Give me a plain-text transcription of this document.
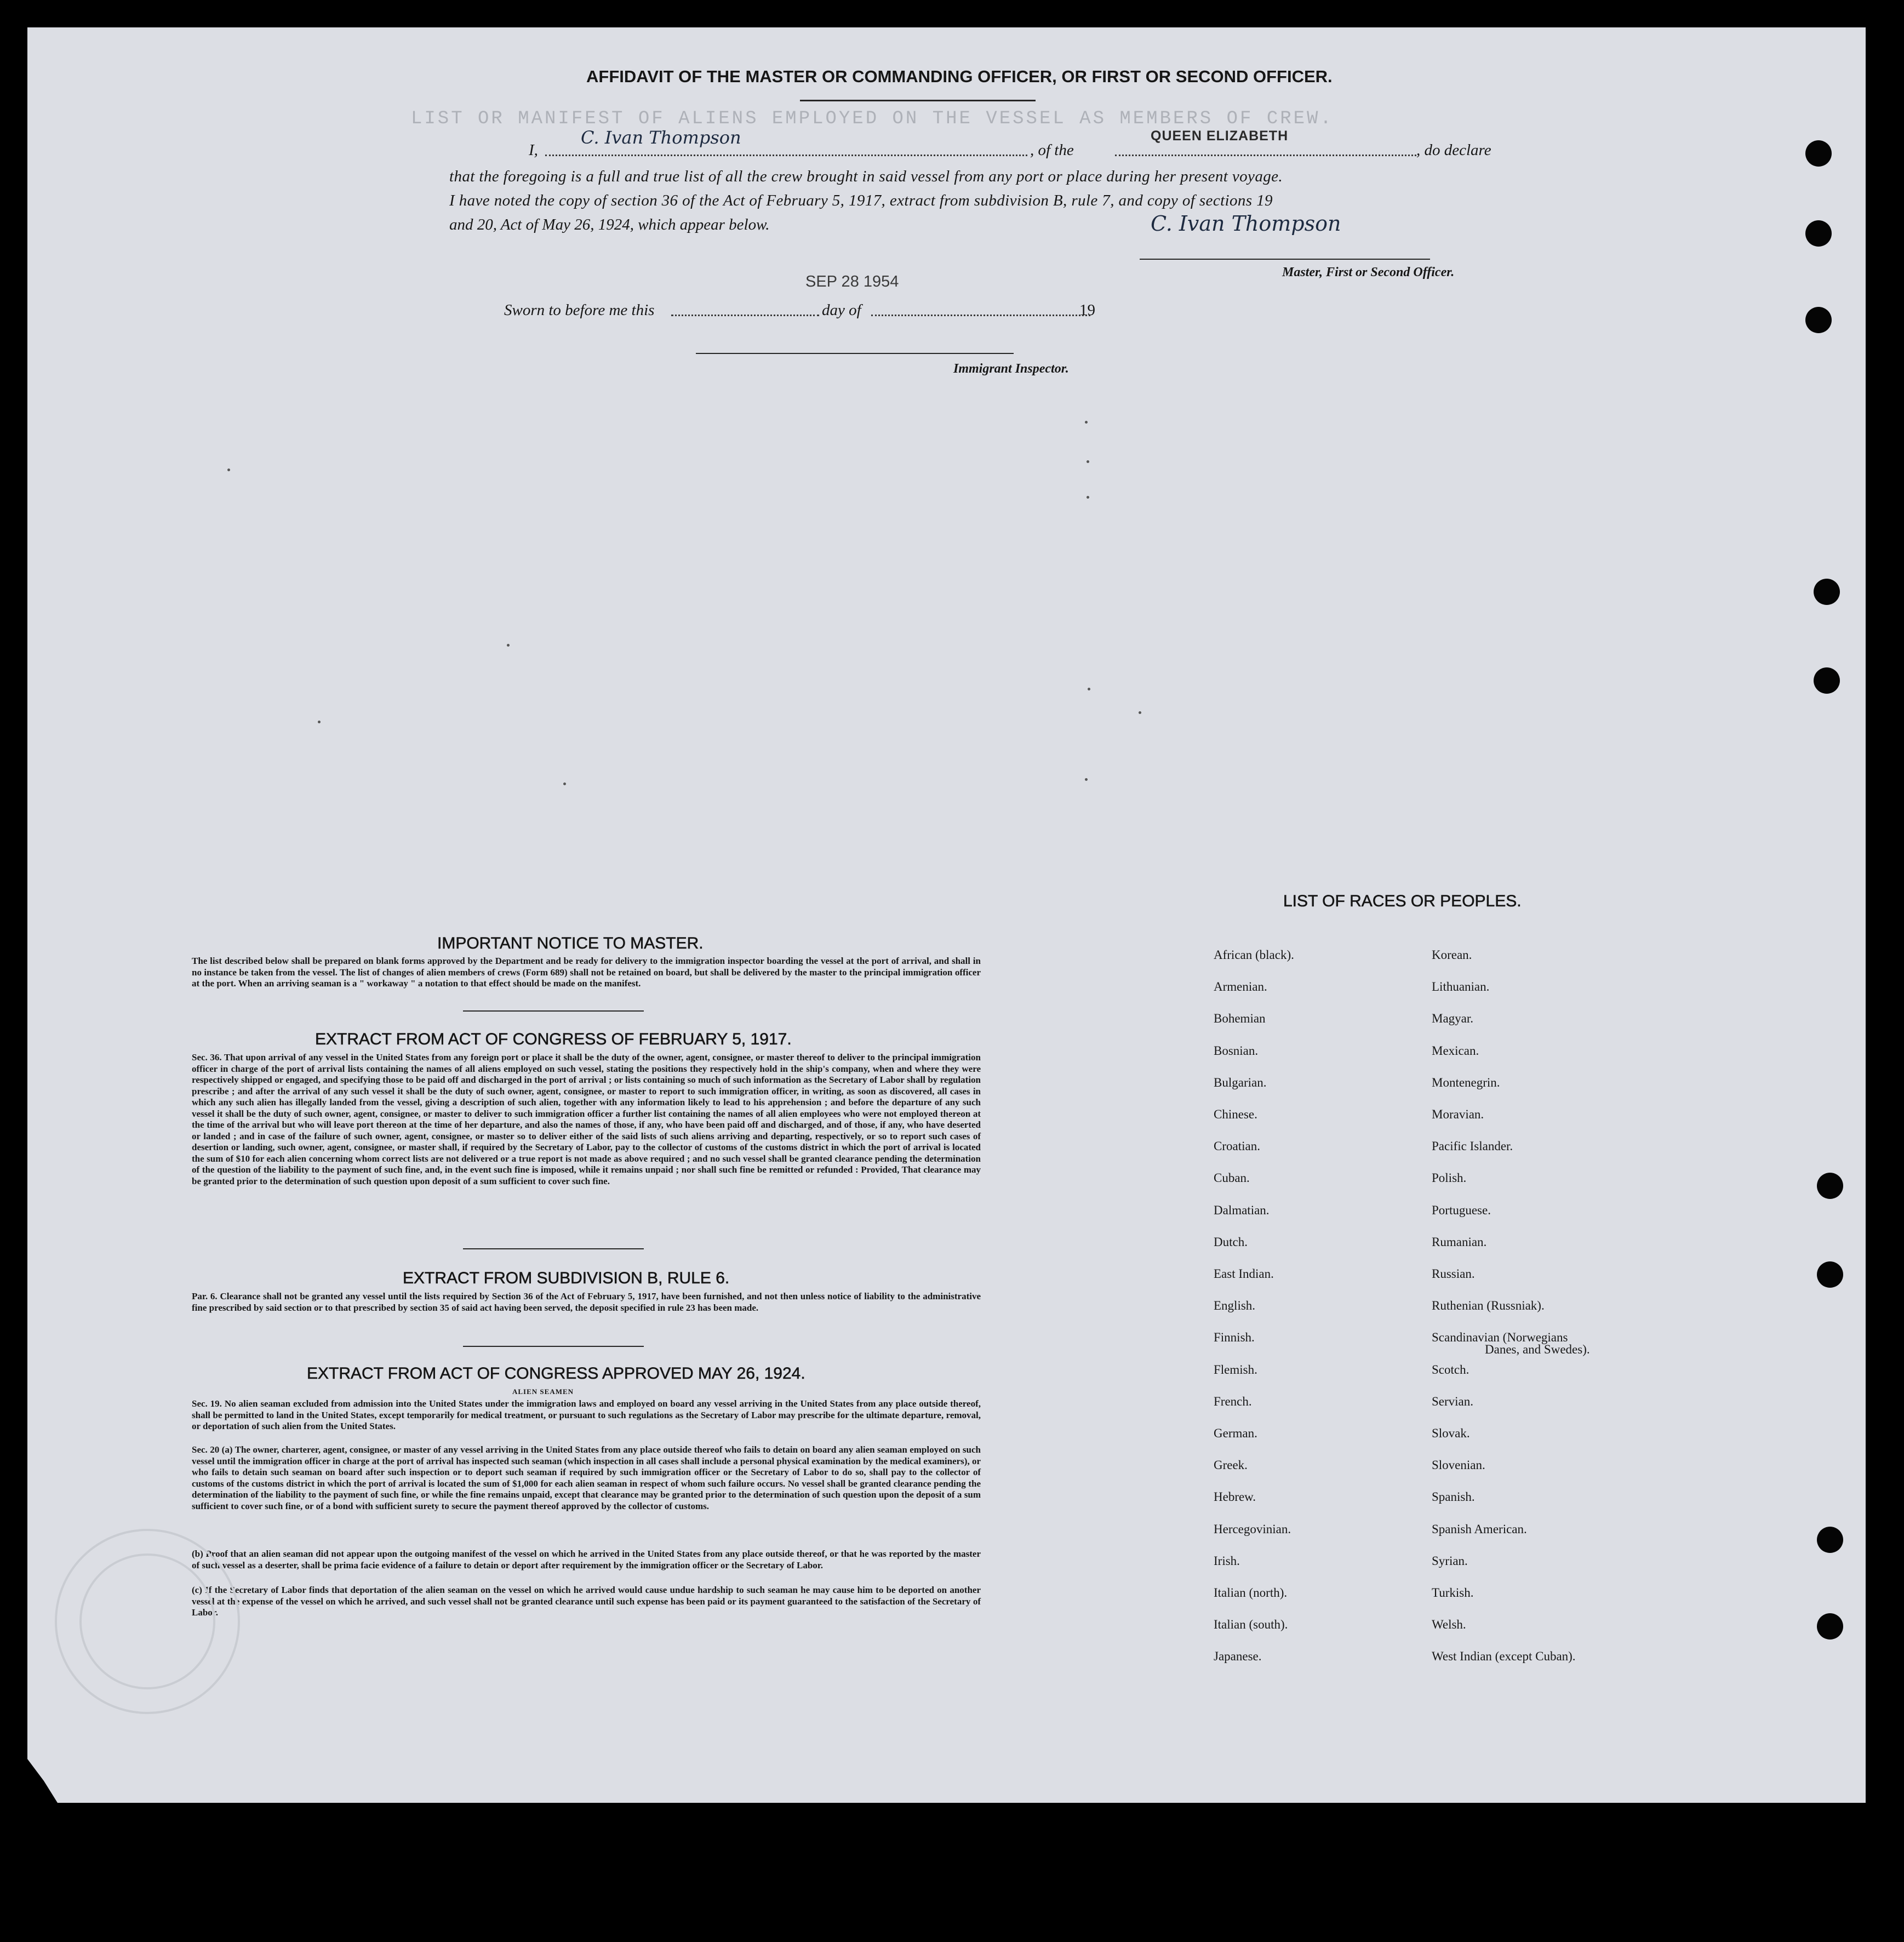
LIST OR MANIFEST OF ALIENS EMPLOYED ON THE VESSEL AS MEMBERS OF CREW.
AFFIDAVIT OF THE MASTER OR COMMANDING OFFICER, OR FIRST OR SECOND OFFICER.
I,
C. Ivan Thompson
, of the
QUEEN ELIZABETH
, do declare
that the foregoing is a full and true list of all the crew brought in said vessel from any port or place during her present voyage.
I have noted the copy of section 36 of the Act of February 5, 1917, extract from subdivision B, rule 7, and copy of sections 19
and 20, Act of May 26, 1924, which appear below.	C. Ivan Thompson
Master, First or Second Officer.
Sworn to before me this
SEP 28 1954
day of	19
Immigrant Inspector.
IMPORTANT NOTICE TO MASTER.
The list described below shall be prepared on blank forms approved by the Department and be ready for delivery to the immigration inspector boarding the vessel at the port of arrival, and shall in no instance be taken from the vessel. The list of changes of alien members of crews (Form 689) shall not be retained on board, but shall be delivered by the master to the principal immigration officer at the port. When an arriving seaman is a " workaway " a notation to that effect should be made on the manifest.
EXTRACT FROM ACT OF CONGRESS OF FEBRUARY 5, 1917.
Sec. 36. That upon arrival of any vessel in the United States from any foreign port or place it shall be the duty of the owner, agent, consignee, or master thereof to deliver to the principal immigration officer in charge of the port of arrival lists containing the names of all aliens employed on such vessel, stating the positions they respectively hold in the ship's company, when and where they were respectively shipped or engaged, and specifying those to be paid off and discharged in the port of arrival ; or lists containing so much of such information as the Secretary of Labor shall by regulation prescribe ; and after the arrival of any such vessel it shall be the duty of such owner, agent, consignee, or master to report to such immigration officer, in writing, as soon as discovered, all cases in which any such alien has illegally landed from the vessel, giving a description of such alien, together with any information likely to lead to his apprehension ; and before the departure of any such vessel it shall be the duty of such owner, agent, consignee, or master to deliver to such immigration officer a further list containing the names of all alien employees who were not employed thereon at the time of the arrival but who will leave port thereon at the time of her departure, and also the names of those, if any, who have been paid off and discharged, and of those, if any, who have deserted or landed ; and in case of the failure of such owner, agent, consignee, or master so to deliver either of the said lists of such aliens arriving and departing, respectively, or so to report such cases of desertion or landing, such owner, agent, consignee, or master shall, if required by the Secretary of Labor, pay to the collector of customs of the customs district in which the port of arrival is located the sum of $10 for each alien concerning whom correct lists are not delivered or a true report is not made as above required ; and no such vessel shall be granted clearance pending the determination of the question of the liability to the payment of such fine, and, in the event such fine is imposed, while it remains unpaid ; nor shall such fine be remitted or refunded : Provided, That clearance may be granted prior to the determination of such question upon deposit of a sum sufficient to cover such fine.
EXTRACT FROM SUBDIVISION B, RULE 6.
Par. 6. Clearance shall not be granted any vessel until the lists required by Section 36 of the Act of February 5, 1917, have been furnished, and not then unless notice of liability to the administrative fine prescribed by said section or to that prescribed by section 35 of said act having been served, the deposit specified in rule 23 has been made.
EXTRACT FROM ACT OF CONGRESS APPROVED MAY 26, 1924.
ALIEN SEAMEN
Sec. 19. No alien seaman excluded from admission into the United States under the immigration laws and employed on board any vessel arriving in the United States from any place outside thereof, shall be permitted to land in the United States, except temporarily for medical treatment, or pursuant to such regulations as the Secretary of Labor may prescribe for the ultimate departure, removal, or deportation of such alien from the United States.
Sec. 20 (a) The owner, charterer, agent, consignee, or master of any vessel arriving in the United States from any place outside thereof who fails to detain on board any alien seaman employed on such vessel until the immigration officer in charge at the port of arrival has inspected such seaman (which inspection in all cases shall include a personal physical examination by the medical examiners), or who fails to detain such seaman on board after such inspection or to deport such seaman if required by such immigration officer or the Secretary of Labor to do so, shall pay to the collector of customs of the customs district in which the port of arrival is located the sum of $1,000 for each alien seaman in respect of whom such failure occurs. No vessel shall be granted clearance pending the determination of the liability to the payment of such fine, or while the fine remains unpaid, except that clearance may be granted prior to the determination of such question upon the deposit of a sum sufficient to cover such fine, or of a bond with sufficient surety to secure the payment thereof approved by the collector of customs.
(b) Proof that an alien seaman did not appear upon the outgoing manifest of the vessel on which he arrived in the United States from any place outside thereof, or that he was reported by the master of such vessel as a deserter, shall be prima facie evidence of a failure to detain or deport after requirement by the immigration officer or the Secretary of Labor.
(c) If the Secretary of Labor finds that deportation of the alien seaman on the vessel on which he arrived would cause undue hardship to such seaman he may cause him to be deported on another vessel at the expense of the vessel on which he arrived, and such vessel shall not be granted clearance until such expense has been paid or its payment guaranteed to the satisfaction of the Secretary of Labor.
LIST OF RACES OR PEOPLES.
African (black).
Armenian.
Bohemian
Bosnian.
Bulgarian.
Chinese.
Croatian.
Cuban.
Dalmatian.
Dutch.
East Indian.
English.
Finnish.
Flemish.
French.
German.
Greek.
Hebrew.
Hercegovinian.
Irish.
Italian (north).
Italian (south).
Japanese.
Korean.
Lithuanian.
Magyar.
Mexican.
Montenegrin.
Moravian.
Pacific Islander.
Polish.
Portuguese.
Rumanian.
Russian.
Ruthenian (Russniak).
Scandinavian (Norwegians
Scotch.
Servian.
Slovak.
Slovenian.
Spanish.
Spanish American.
Syrian.
Turkish.
Welsh.
West Indian (except Cuban).
Danes, and Swedes).
